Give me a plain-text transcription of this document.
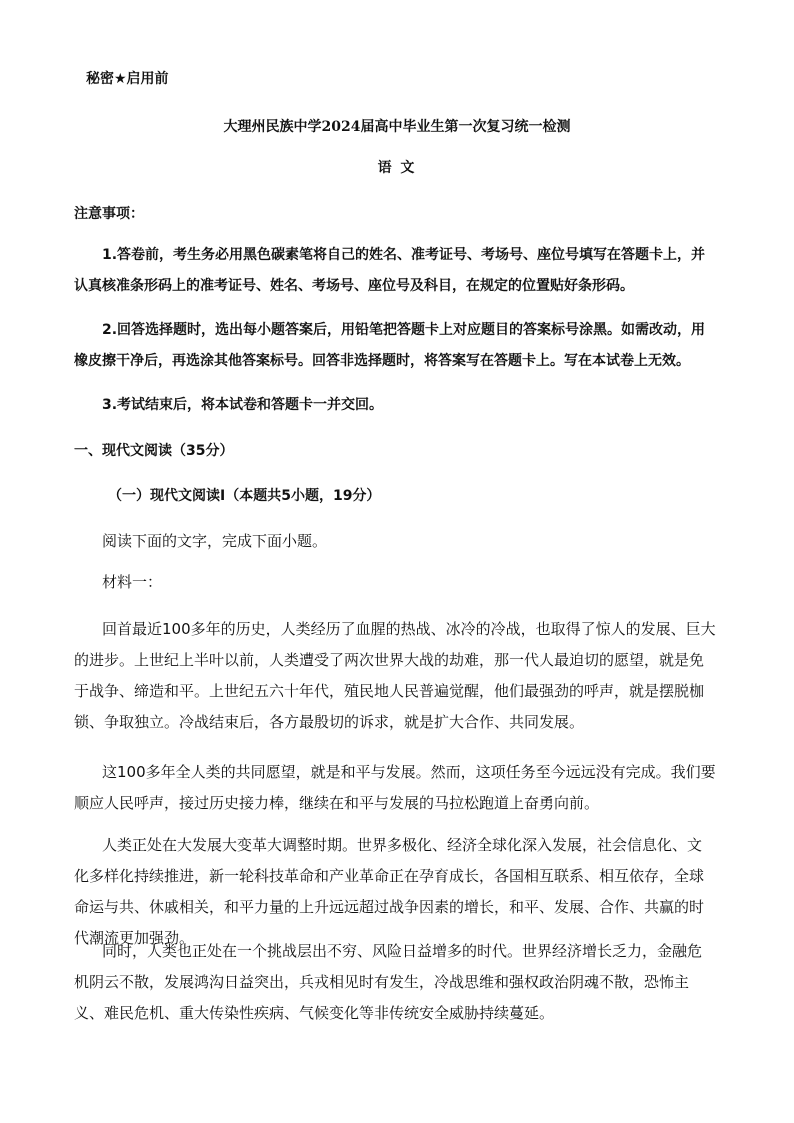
秘密★启用前
大理州民族中学2024届高中毕业生第一次复习统一检测
语 文
注意事项：
1.答卷前，考生务必用黑色碳素笔将自己的姓名、准考证号、考场号、座位号填写在答题卡上，并认真核准条形码上的准考证号、姓名、考场号、座位号及科目，在规定的位置贴好条形码。
2.回答选择题时，选出每小题答案后，用铅笔把答题卡上对应题目的答案标号涂黑。如需改动，用橡皮擦干净后，再选涂其他答案标号。回答非选择题时，将答案写在答题卡上。写在本试卷上无效。
3.考试结束后，将本试卷和答题卡一并交回。
一、现代文阅读（35分）
（一）现代文阅读Ⅰ（本题共5小题，19分）
阅读下面的文字，完成下面小题。
材料一：
回首最近100多年的历史，人类经历了血腥的热战、冰冷的冷战，也取得了惊人的发展、巨大的进步。上世纪上半叶以前，人类遭受了两次世界大战的劫难，那一代人最迫切的愿望，就是免于战争、缔造和平。上世纪五六十年代，殖民地人民普遍觉醒，他们最强劲的呼声，就是摆脱枷锁、争取独立。冷战结束后，各方最殷切的诉求，就是扩大合作、共同发展。
这100多年全人类的共同愿望，就是和平与发展。然而，这项任务至今远远没有完成。我们要顺应人民呼声，接过历史接力棒，继续在和平与发展的马拉松跑道上奋勇向前。
人类正处在大发展大变革大调整时期。世界多极化、经济全球化深入发展，社会信息化、文化多样化持续推进，新一轮科技革命和产业革命正在孕育成长，各国相互联系、相互依存，全球命运与共、休戚相关，和平力量的上升远远超过战争因素的增长，和平、发展、合作、共赢的时代潮流更加强劲。
同时，人类也正处在一个挑战层出不穷、风险日益增多的时代。世界经济增长乏力，金融危机阴云不散，发展鸿沟日益突出，兵戎相见时有发生，冷战思维和强权政治阴魂不散，恐怖主义、难民危机、重大传染性疾病、气候变化等非传统安全威胁持续蔓延。
